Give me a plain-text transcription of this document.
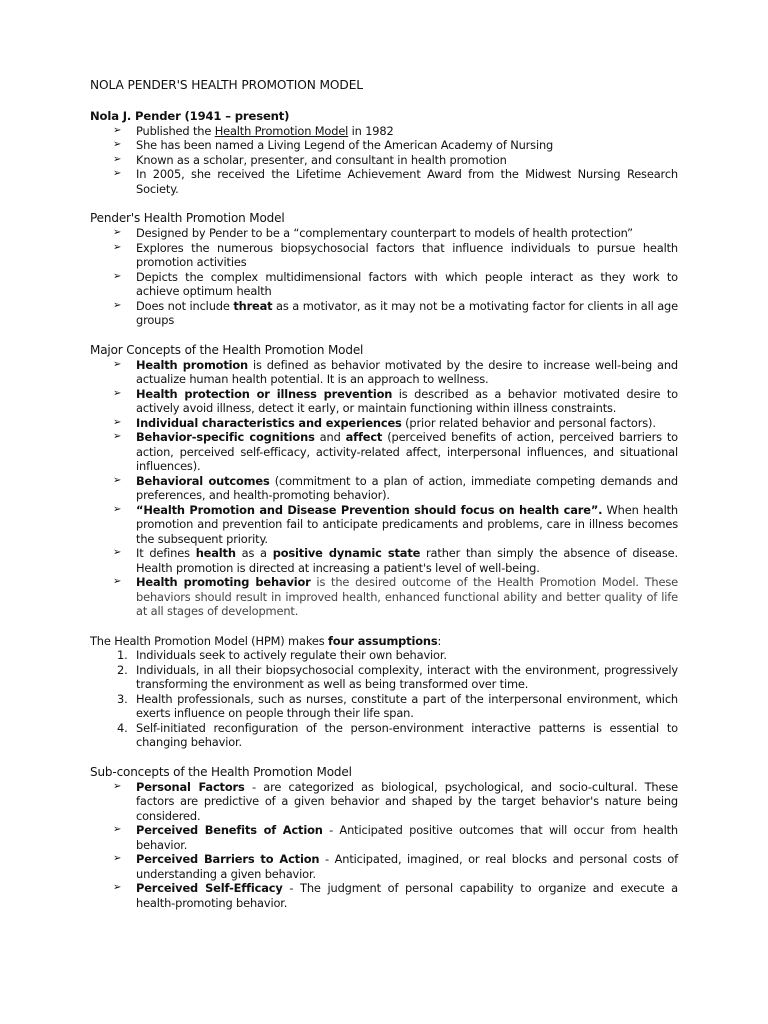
NOLA PENDER'S HEALTH PROMOTION MODEL
Nola J. Pender (1941 – present)
➢ Published the Health Promotion Model in 1982
➢ She has been named a Living Legend of the American Academy of Nursing
➢ Known as a scholar, presenter, and consultant in health promotion
➢ In 2005, she received the Lifetime Achievement Award from the Midwest Nursing Research Society.
Pender's Health Promotion Model
➢ Designed by Pender to be a “complementary counterpart to models of health protection”
➢ Explores the numerous biopsychosocial factors that influence individuals to pursue health promotion activities
➢ Depicts the complex multidimensional factors with which people interact as they work to achieve optimum health
➢ Does not include threat as a motivator, as it may not be a motivating factor for clients in all age groups
Major Concepts of the Health Promotion Model
➢ Health promotion is defined as behavior motivated by the desire to increase well-being and actualize human health potential. It is an approach to wellness.
➢ Health protection or illness prevention is described as a behavior motivated desire to actively avoid illness, detect it early, or maintain functioning within illness constraints.
➢ Individual characteristics and experiences (prior related behavior and personal factors).
➢ Behavior-specific cognitions and affect (perceived benefits of action, perceived barriers to action, perceived self-efficacy, activity-related affect, interpersonal influences, and situational influences).
➢ Behavioral outcomes (commitment to a plan of action, immediate competing demands and preferences, and health-promoting behavior).
➢ “Health Promotion and Disease Prevention should focus on health care”. When health promotion and prevention fail to anticipate predicaments and problems, care in illness becomes the subsequent priority.
➢ It defines health as a positive dynamic state rather than simply the absence of disease. Health promotion is directed at increasing a patient's level of well-being.
➢ Health promoting behavior is the desired outcome of the Health Promotion Model. These behaviors should result in improved health, enhanced functional ability and better quality of life at all stages of development.

The Health Promotion Model (HPM) makes four assumptions:

1. Individuals seek to actively regulate their own behavior.
2. Individuals, in all their biopsychosocial complexity, interact with the environment, progressively transforming the environment as well as being transformed over time.
3. Health professionals, such as nurses, constitute a part of the interpersonal environment, which exerts influence on people through their life span.
4. Self-initiated reconfiguration of the person-environment interactive patterns is essential to changing behavior.
Sub-concepts of the Health Promotion Model
➢ Personal Factors - are categorized as biological, psychological, and socio-cultural. These factors are predictive of a given behavior and shaped by the target behavior's nature being considered.
➢ Perceived Benefits of Action - Anticipated positive outcomes that will occur from health behavior.
➢ Perceived Barriers to Action - Anticipated, imagined, or real blocks and personal costs of understanding a given behavior.
➢ Perceived Self-Efficacy - The judgment of personal capability to organize and execute a health-promoting behavior.
